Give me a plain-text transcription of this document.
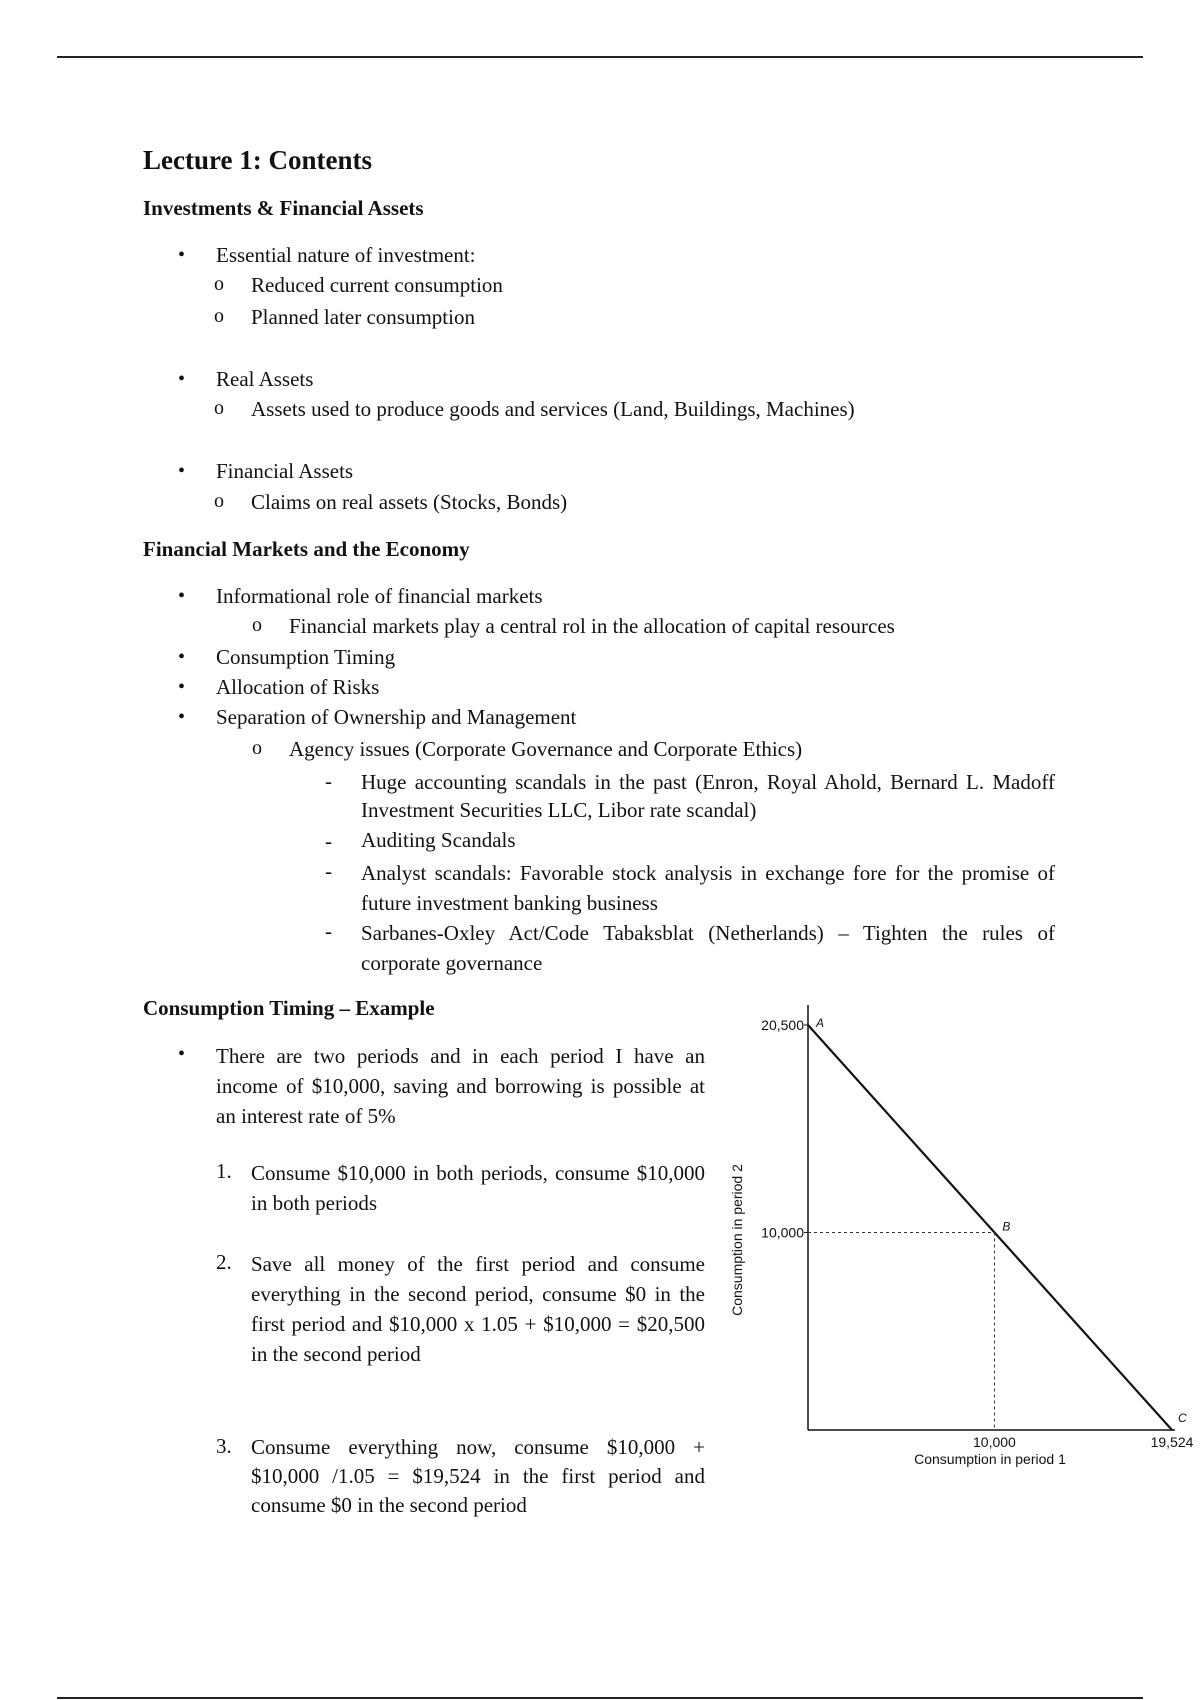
Lecture 1: Contents
Investments & Financial Assets
• Essential nature of investment:
o Reduced current consumption
o Planned later consumption
• Real Assets
o Assets used to produce goods and services (Land, Buildings, Machines)
• Financial Assets
o Claims on real assets (Stocks, Bonds)
Financial Markets and the Economy
• Informational role of financial markets
o Financial markets play a central rol in the allocation of capital resources
• Consumption Timing
• Allocation of Risks
• Separation of Ownership and Management
o Agency issues (Corporate Governance and Corporate Ethics)
- Huge accounting scandals in the past (Enron, Royal Ahold, Bernard L. Madoff Investment Securities LLC, Libor rate scandal)
- Auditing Scandals
- Analyst scandals: Favorable stock analysis in exchange fore for the promise of future investment banking business
- Sarbanes-Oxley Act/Code Tabaksblat (Netherlands) – Tighten the rules of corporate governance
Consumption Timing – Example
• There are two periods and in each period I have an income of $10,000, saving and borrowing is possible at an interest rate of 5%
1. Consume $10,000 in both periods, consume $10,000 in both periods
2. Save all money of the first period and consume everything in the second period, consume $0 in the first period and $10,000 x 1.05 + $10,000 = $20,500 in the second period
3. Consume everything now, consume $10,000 + $10,000 /1.05 = $19,524 in the first period and consume $0 in the second period
A
B
C
20,500
10,000
10,000	19,524
Consumption in period 2
Consumption in period 1
